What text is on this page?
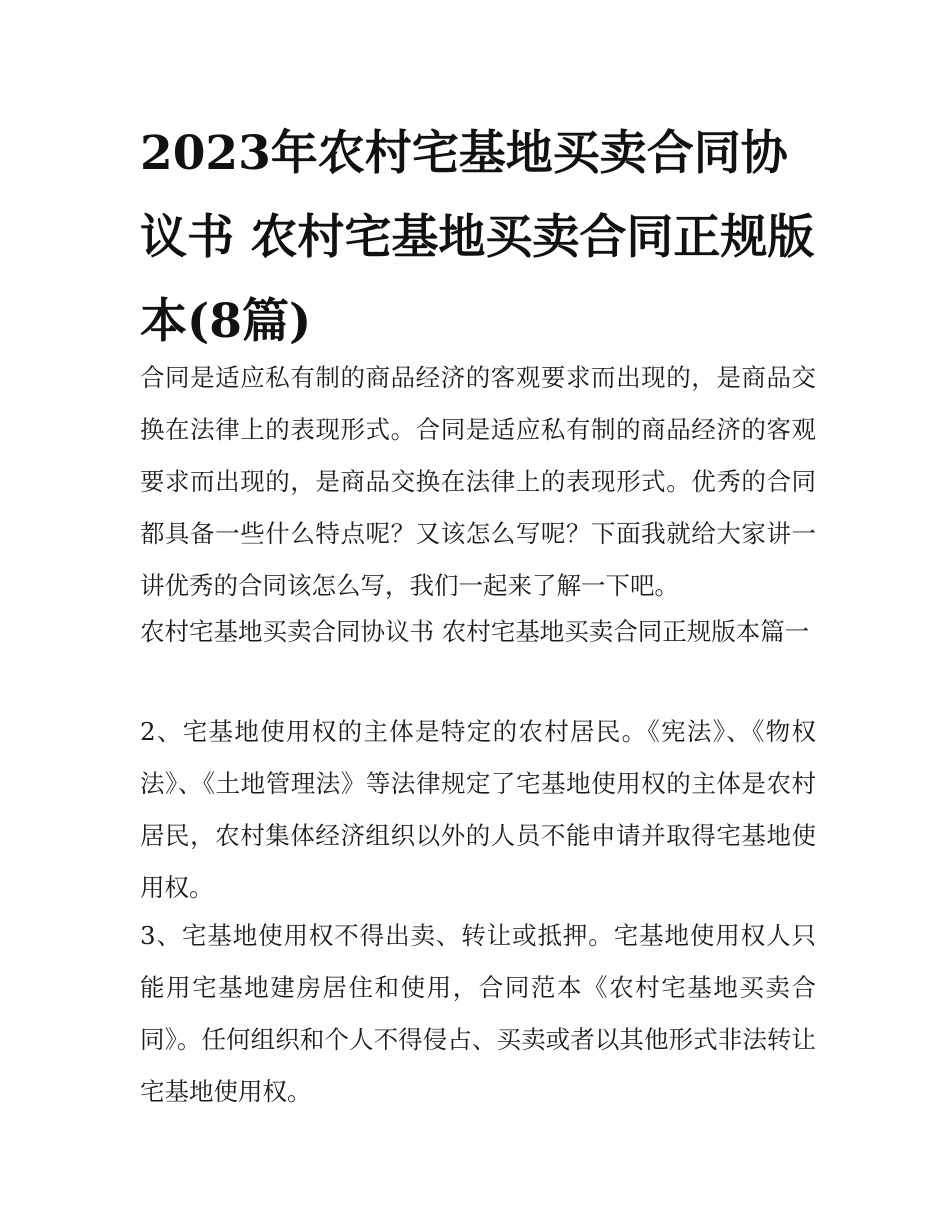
2023年农村宅基地买卖合同协议书 农村宅基地买卖合同正规版本(8篇)

合同是适应私有制的商品经济的客观要求而出现的，是商品交换在法律上的表现形式。合同是适应私有制的商品经济的客观要求而出现的，是商品交换在法律上的表现形式。优秀的合同都具备一些什么特点呢？又该怎么写呢？下面我就给大家讲一讲优秀的合同该怎么写，我们一起来了解一下吧。

农村宅基地买卖合同协议书 农村宅基地买卖合同正规版本篇一

2、宅基地使用权的主体是特定的农村居民。《宪法》、《物权法》、《土地管理法》等法律规定了宅基地使用权的主体是农村居民，农村集体经济组织以外的人员不能申请并取得宅基地使用权。

3、宅基地使用权不得出卖、转让或抵押。宅基地使用权人只能用宅基地建房居住和使用，合同范本《农村宅基地买卖合同》。任何组织和个人不得侵占、买卖或者以其他形式非法转让宅基地使用权。
